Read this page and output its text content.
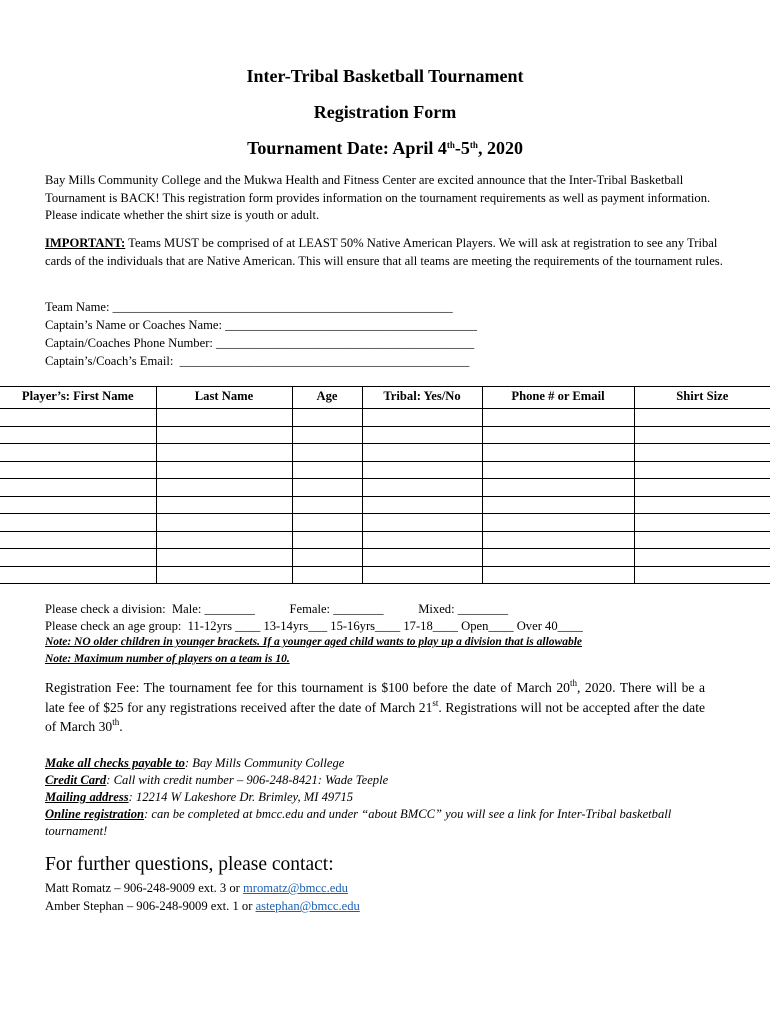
Inter-Tribal Basketball Tournament
Registration Form
Tournament Date: April 4th-5th, 2020
Bay Mills Community College and the Mukwa Health and Fitness Center are excited announce that the Inter-Tribal Basketball Tournament is BACK! This registration form provides information on the tournament requirements as well as payment information. Please indicate whether the shirt size is youth or adult.
IMPORTANT: Teams MUST be comprised of at LEAST 50% Native American Players. We will ask at registration to see any Tribal cards of the individuals that are Native American. This will ensure that all teams are meeting the requirements of the tournament rules.
Team Name: ______________________________________________________
Captain’s Name or Coaches Name: ________________________________________
Captain/Coaches Phone Number: _________________________________________
Captain’s/Coach’s Email:  ______________________________________________
Player’s: First Name	Last Name	Age	Tribal: Yes/No	Phone # or Email	Shirt Size

Please check a division:  Male: ________           Female: ________           Mixed: ________
Please check an age group:  11-12yrs ____ 13-14yrs___ 15-16yrs____ 17-18____ Open____ Over 40____
Note: NO older children in younger brackets. If a younger aged child wants to play up a division that is allowable
Note: Maximum number of players on a team is 10.
Registration Fee: The tournament fee for this tournament is $100 before the date of March 20th, 2020. There will be a late fee of $25 for any registrations received after the date of March 21st. Registrations will not be accepted after the date of March 30th.
Make all checks payable to: Bay Mills Community College
Credit Card: Call with credit number – 906-248-8421: Wade Teeple
Mailing address: 12214 W Lakeshore Dr. Brimley, MI 49715
Online registration: can be completed at bmcc.edu and under “about BMCC” you will see a link for Inter-Tribal basketball tournament!
For further questions, please contact:
Matt Romatz – 906-248-9009 ext. 3 or mromatz@bmcc.edu
Amber Stephan – 906-248-9009 ext. 1 or astephan@bmcc.edu
